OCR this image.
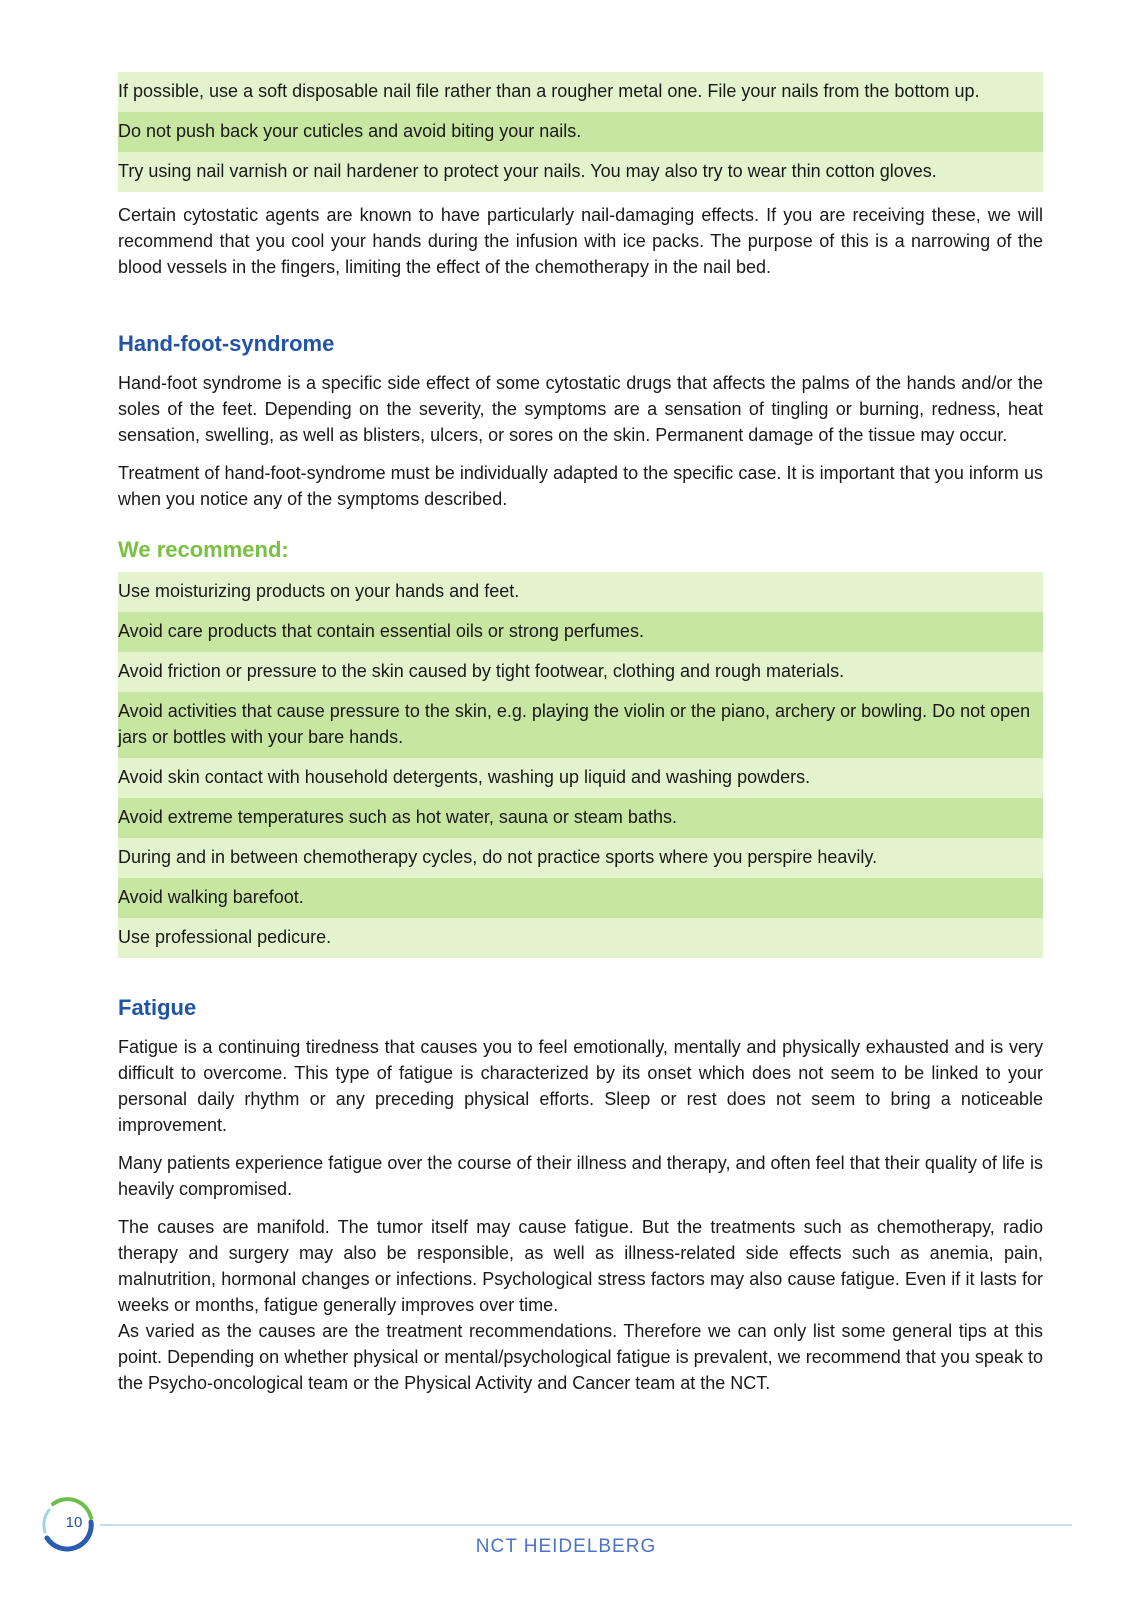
If possible, use a soft disposable nail file rather than a rougher metal one. File your nails from the bottom up.
Do not push back your cuticles and avoid biting your nails.
Try using nail varnish or nail hardener to protect your nails. You may also try to wear thin cotton gloves.

Certain cytostatic agents are known to have particularly nail-damaging effects. If you are receiving these, we will recommend that you cool your hands during the infusion with ice packs. The purpose of this is a narrowing of the blood vessels in the fingers, limiting the effect of the chemotherapy in the nail bed.

Hand-foot-syndrome

Hand-foot syndrome is a specific side effect of some cytostatic drugs that affects the palms of the hands and/or the soles of the feet. Depending on the severity, the symptoms are a sensation of tingling or burning, redness, heat sensation, swelling, as well as blisters, ulcers, or sores on the skin. Permanent damage of the tissue may occur.

Treatment of hand-foot-syndrome must be individually adapted to the specific case. It is important that you inform us when you notice any of the symptoms described.

We recommend:
Use moisturizing products on your hands and feet.
Avoid care products that contain essential oils or strong perfumes.
Avoid friction or pressure to the skin caused by tight footwear, clothing and rough materials.
Avoid activities that cause pressure to the skin, e.g. playing the violin or the piano, archery or bowling. Do not open jars or bottles with your bare hands.
Avoid skin contact with household detergents, washing up liquid and washing powders.
Avoid extreme temperatures such as hot water, sauna or steam baths.
During and in between chemotherapy cycles, do not practice sports where you perspire heavily.
Avoid walking barefoot.
Use professional pedicure.
Fatigue

Fatigue is a continuing tiredness that causes you to feel emotionally, mentally and physically exhausted and is very difficult to overcome. This type of fatigue is characterized by its onset which does not seem to be linked to your personal daily rhythm or any preceding physical efforts. Sleep or rest does not seem to bring a noticeable improvement.

Many patients experience fatigue over the course of their illness and therapy, and often feel that their quality of life is heavily compromised.

The causes are manifold. The tumor itself may cause fatigue. But the treatments such as chemotherapy, radio therapy and surgery may also be responsible, as well as illness-related side effects such as anemia, pain, malnutrition, hormonal changes or infections. Psychological stress factors may also cause fatigue. Even if it lasts for weeks or months, fatigue generally improves over time.

As varied as the causes are the treatment recommendations. Therefore we can only list some general tips at this point. Depending on whether physical or mental/psychological fatigue is prevalent, we recommend that you speak to the Psycho-oncological team or the Physical Activity and Cancer team at the NCT.

10
NCT HEIDELBERG
